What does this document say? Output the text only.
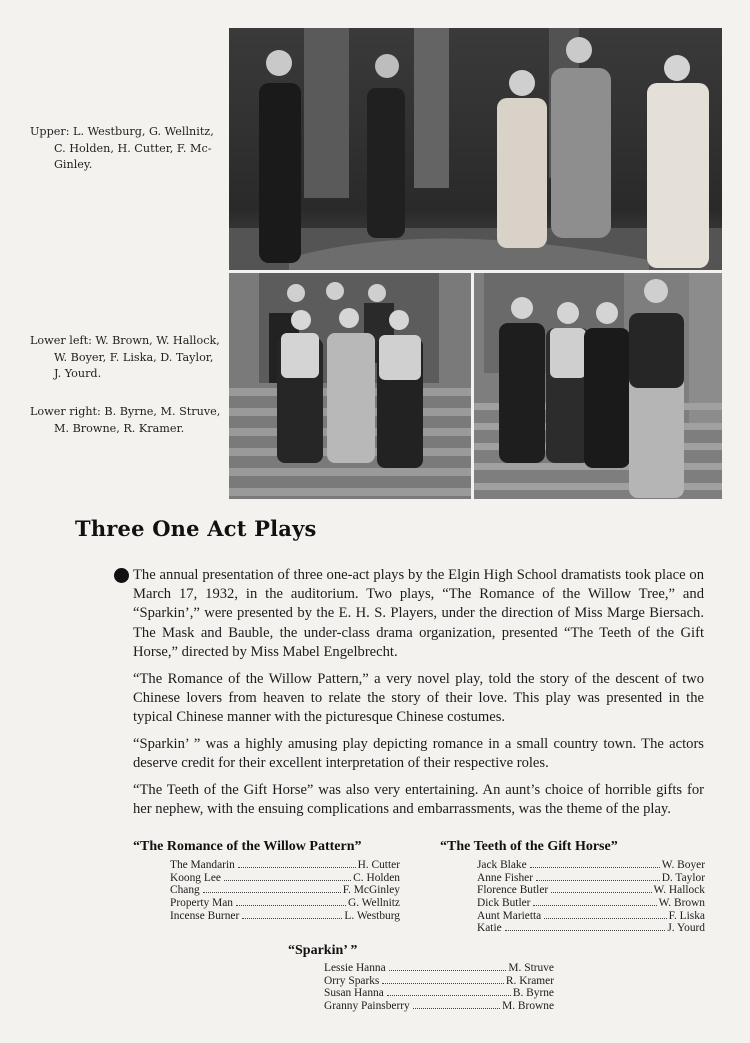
Upper: L. Westburg, G. Wellnitz,
C. Holden, H. Cutter, F. Mc-
Ginley.
Lower left: W. Brown, W. Hallock,
W. Boyer, F. Liska, D. Taylor,
J. Yourd.
Lower right: B. Byrne, M. Struve,
M. Browne, R. Kramer.
Three One Act Plays

The annual presentation of three one-act plays by the Elgin High School dramatists took place on March 17, 1932, in the auditorium. Two plays, “The Romance of the Willow Tree,” and “Sparkin’,” were presented by the E. H. S. Players, under the direction of Miss Marge Biersach. The Mask and Bauble, the under-class drama organization, presented “The Teeth of the Gift Horse,” directed by Miss Mabel Engelbrecht.

“The Romance of the Willow Pattern,” a very novel play, told the story of the descent of two Chinese lovers from heaven to relate the story of their love. This play was presented in the typical Chinese manner with the picturesque Chinese costumes.

“Sparkin’ ” was a highly amusing play depicting romance in a small country town. The actors deserve credit for their excellent interpretation of their respective roles.

“The Teeth of the Gift Horse” was also very entertaining. An aunt’s choice of horrible gifts for her nephew, with the ensuing complications and embarrassments, was the theme of the play.

“The Romance of the Willow Pattern”
The Mandarin	H. Cutter
Koong Lee	C. Holden
Chang	F. McGinley
Property Man	G. Wellnitz
Incense Burner	L. Westburg
“The Teeth of the Gift Horse”
Jack Blake	W. Boyer
Anne Fisher	D. Taylor
Florence Butler	W. Hallock
Dick Butler	W. Brown
Aunt Marietta	F. Liska
Katie	J. Yourd
“Sparkin’ ”
Lessie Hanna	M. Struve
Orry Sparks	R. Kramer
Susan Hanna	B. Byrne
Granny Painsberry	M. Browne
